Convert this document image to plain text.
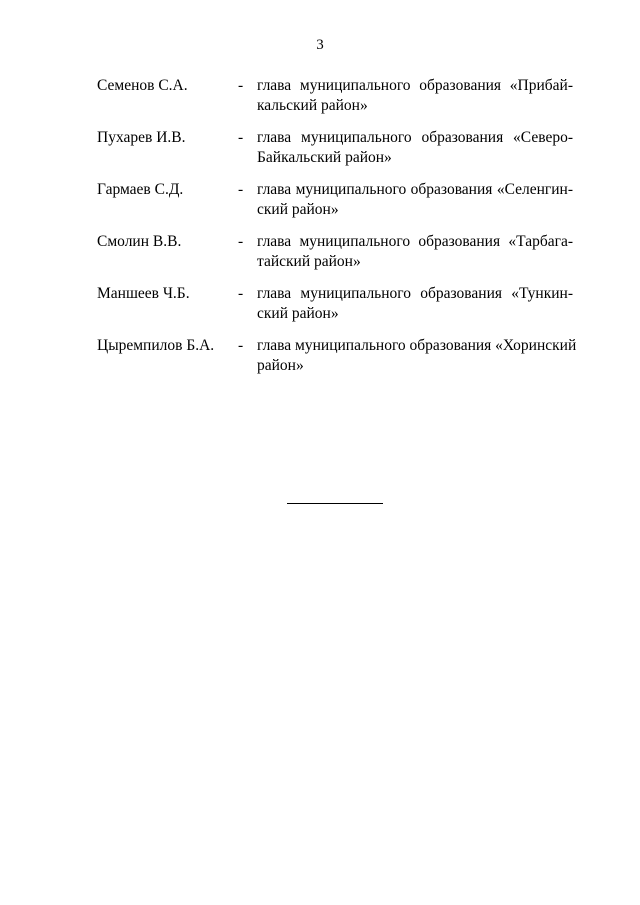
3
Семенов С.А.	- глава муниципального образования «Прибай-
кальский район»
Пухарев И.В.	- глава муниципального образования «Северо-
Байкальский район»
Гармаев С.Д.	- глава муниципального образования «Селенгин-
ский район»
Смолин В.В.	- глава муниципального образования «Тарбага-
тайский район»
Маншеев Ч.Б.	- глава муниципального образования «Тункин-
ский район»
Цыремпилов Б.А.	- глава муниципального образования «Хоринский
район»
